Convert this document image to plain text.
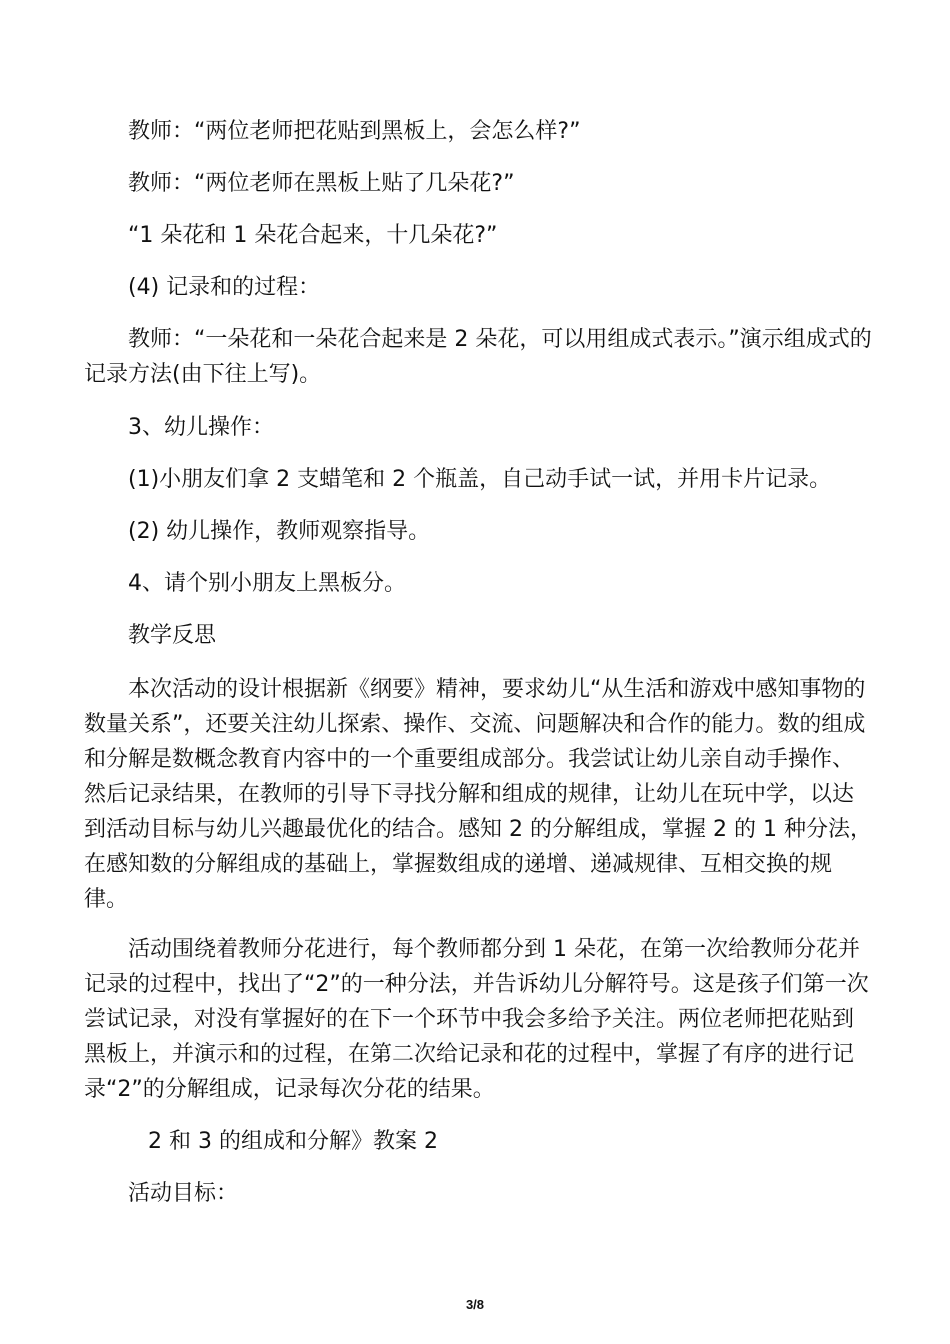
教师：“两位老师把花贴到黑板上，会怎么样?”
教师：“两位老师在黑板上贴了几朵花?”
“1 朵花和 1 朵花合起来，十几朵花?”
(4) 记录和的过程：

教师：“一朵花和一朵花合起来是 2 朵花，可以用组成式表示。”演示组成式的记录方法(由下往上写)。

3、幼儿操作：
(1)小朋友们拿 2 支蜡笔和 2 个瓶盖，自己动手试一试，并用卡片记录。
(2) 幼儿操作，教师观察指导。
4、请个别小朋友上黑板分。
教学反思

本次活动的设计根据新《纲要》精神，要求幼儿“从生活和游戏中感知事物的数量关系”，还要关注幼儿探索、操作、交流、问题解决和合作的能力。数的组成和分解是数概念教育内容中的一个重要组成部分。我尝试让幼儿亲自动手操作、然后记录结果，在教师的引导下寻找分解和组成的规律，让幼儿在玩中学，以达到活动目标与幼儿兴趣最优化的结合。感知 2 的分解组成，掌握 2 的 1 种分法，在感知数的分解组成的基础上，掌握数组成的递增、递减规律、互相交换的规律。

活动围绕着教师分花进行，每个教师都分到 1 朵花，在第一次给教师分花并记录的过程中，找出了“2”的一种分法，并告诉幼儿分解符号。这是孩子们第一次尝试记录，对没有掌握好的在下一个环节中我会多给予关注。两位老师把花贴到黑板上，并演示和的过程，在第二次给记录和花的过程中，掌握了有序的进行记录“2”的分解组成，记录每次分花的结果。

2 和 3 的组成和分解》教案 2
活动目标：
3/8
